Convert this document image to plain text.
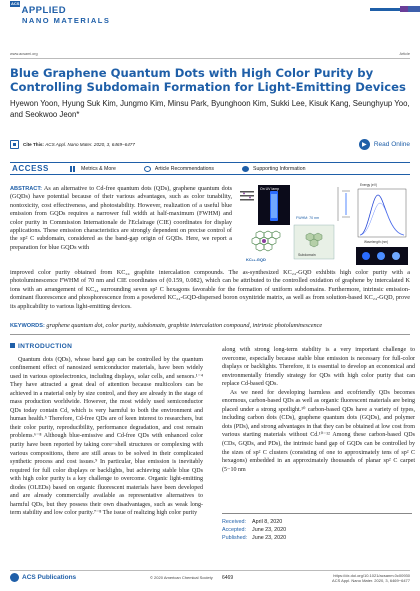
ACSAPPLIED
NANO MATERIALS
www.acsami.org	Article
Blue Graphene Quantum Dots with High Color Purity by Controlling Subdomain Formation for Light-Emitting Devices
Hyewon Yoon, Hyung Suk Kim, Jungmo Kim, Minsu Park, Byunghoon Kim, Sukki Lee, Kisuk Kang, Seunghyup Yoo, and Seokwoo Jeon*
Cite This: ACS Appl. Nano Mater. 2020, 3, 6469−6477	▶	Read Online
ACCESS	Metrics & More	Article Recommendations	Supporting Information
ABSTRACT: As an alternative to Cd-free quantum dots (QDs), graphene quantum dots (GQDs) have potential because of their various advantages, such as color tunability, nontoxicity, cost effectiveness, and photostability. However, realization of a useful blue emission from GQDs requires a narrower full width at half-maximum (FWHM) and color purity in Commission Internationale de l'Eclairage (CIE) coordinates for display applications. These emission characteristics are strongly dependent on precise control of the sp² C subdomain, considered as the band-gap origin of GQDs. Here, we report a preparation for blue GQDs with
On UV lamp
KC₂₄-GQD
Subdomain
Energy (eV)
Wavelength (nm)
FWHM: 70 nm
improved color purity obtained from KC₂₄ graphite intercalation compounds. The as-synthesized KC₂₄-GQD exhibits high color purity with a photoluminescence FWHM of 70 nm and CIE coordinates of (0.159, 0.082), which can be attributed to the controlled oxidation of graphene by intercalated K ions with an arrangement of KC₂₄ surrounding seven sp² C hexagons favorable for the formation of uniform subdomains. Furthermore, intrinsic emission-dominant fluorescence and phosphorescence from a powdered KC₂₄-GQD-dispersed boron oxynitride matrix, as well as from solution-based KC₂₄-GQD, prove its applicability to various light-emitting devices.
KEYWORDS: graphene quantum dot, color purity, subdomain, graphite intercalation compound, intrinsic photoluminescence
INTRODUCTION

Quantum dots (QDs), whose band gap can be controlled by the quantum confinement effect of nanosized semiconductor materials, have been widely used in various optoelectronics, including displays, solar cells, and sensors.¹⁻⁴ They have attracted a great deal of attention because multicolors can be achieved in a material only by size control, and they are already in the stage of mass production worldwide. However, the most widely used semiconductor QDs today contain Cd, which is very harmful to both the environment and human health.⁵ Therefore, Cd-free QDs are of keen interest to researchers, but their color purity, reproducibility, performance degradation, and cost remain problems.⁶⁻⁸ Although blue-emissive and Cd-free QDs with enhanced color purity have been reported by taking core−shell structures or complexing with various compositions, there are still areas to be solved in their complicated synthetic process and cost issues.⁹ In particular, blue emission is inevitably required for full color displays or backlights, but achieving stable blue QDs with high color purity is a key challenge to overcome. Organic light-emitting diodes (OLEDs) based on organic fluorescent materials have been developed and are already commercially available as representative alternatives to harmful QDs, but they possess their own disadvantages, such as weak long-term stability and low color purity.⁷⁻⁸ The issue of realizing high color purity

along with strong long-term stability is a very important challenge to overcome, especially because stable blue emission is necessary for full-color displays or backlights. Therefore, it is essential to develop an economical and environmentally friendly strategy for QDs with high color purity that can replace Cd-based QDs.

As we need for developing harmless and ecofriendly QDs becomes enormous, carbon-based QDs as well as organic fluorescent materials are being placed under a strong spotlight.¹⁰ carbon-based QDs have a variety of types, including carbon dots (CDs), graphene quantum dots (GQDs), and polymer dots (PDs), and strong advantages in that they can be obtained at low cost from various starting materials without Cd.¹⁰⁻¹² Among these carbon-based QDs (CDs, GQDs, and PDs), the intrinsic band gap of GQDs can be controlled by the sizes of sp² C clusters (consisting of one to approximately tens of sp² C hexagons) embedded in an approximately thousands of planar sp² C carpet (5−10 nm

Received:	April 8, 2020
Accepted:	June 23, 2020
Published: June 23, 2020
ACS Publications	© 2020 American Chemical Society 6469	https://dx.doi.org/10.1021/acsanm.0c00930
ACS Appl. Nano Mater. 2020, 3, 6469−6477
